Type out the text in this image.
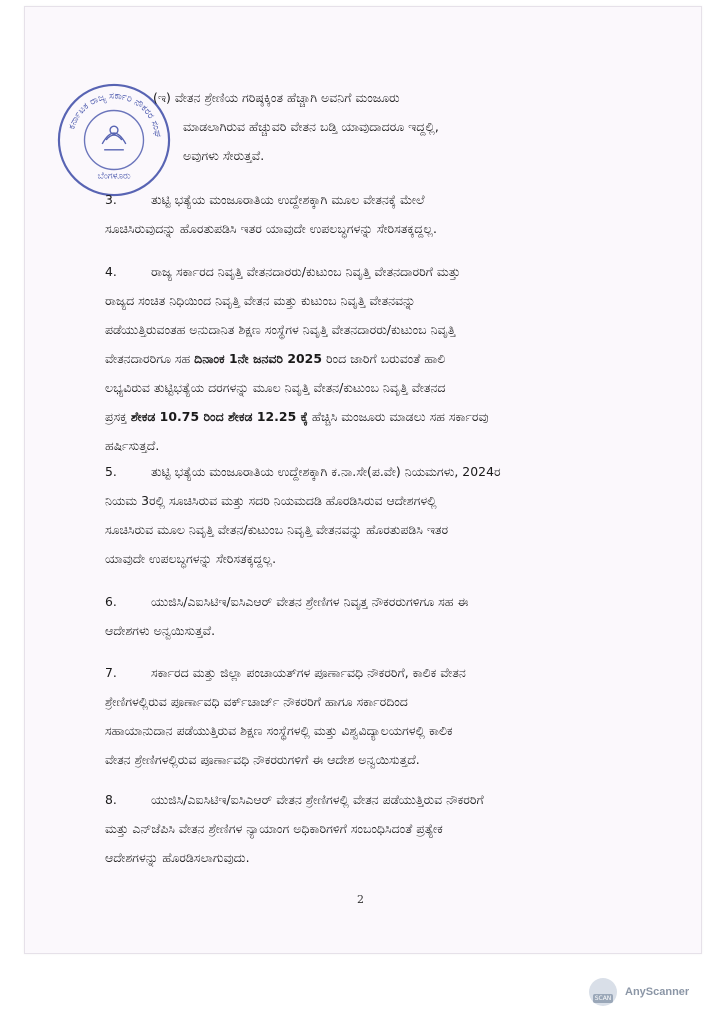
ಕರ್ನಾಟಕ ರಾಜ್ಯ ಸರ್ಕಾರಿ ನೌಕರರ ಸಂಘ
ಬೆಂಗಳೂರು
(ಇ) ವೇತನ ಶ್ರೇಣಿಯ ಗರಿಷ್ಠಕ್ಕಿಂತ ಹೆಚ್ಚಾಗಿ ಅವನಿಗೆ ಮಂಜೂರು
ಮಾಡಲಾಗಿರುವ ಹೆಚ್ಚುವರಿ ವೇತನ ಬಡ್ತಿ ಯಾವುದಾದರೂ ಇದ್ದಲ್ಲಿ,
ಅವುಗಳು ಸೇರುತ್ತವೆ.
3.	ತುಟ್ಟಿ ಭತ್ಯೆಯ ಮಂಜೂರಾತಿಯ ಉದ್ದೇಶಕ್ಕಾಗಿ ಮೂಲ ವೇತನಕ್ಕೆ ಮೇಲೆ
ಸೂಚಿಸಿರುವುದನ್ನು ಹೊರತುಪಡಿಸಿ ಇತರ ಯಾವುದೇ ಉಪಲಬ್ಧಗಳನ್ನು ಸೇರಿಸತಕ್ಕದ್ದಲ್ಲ.
4.	ರಾಜ್ಯ ಸರ್ಕಾರದ ನಿವೃತ್ತಿ ವೇತನದಾರರು/ಕುಟುಂಬ ನಿವೃತ್ತಿ ವೇತನದಾರರಿಗೆ ಮತ್ತು
ರಾಜ್ಯದ ಸಂಚಿತ ನಿಧಿಯಿಂದ ನಿವೃತ್ತಿ ವೇತನ ಮತ್ತು ಕುಟುಂಬ ನಿವೃತ್ತಿ ವೇತನವನ್ನು
ಪಡೆಯುತ್ತಿರುವಂತಹ ಅನುದಾನಿತ ಶಿಕ್ಷಣ ಸಂಸ್ಥೆಗಳ ನಿವೃತ್ತಿ ವೇತನದಾರರು/ಕುಟುಂಬ ನಿವೃತ್ತಿ
ವೇತನದಾರರಿಗೂ ಸಹ ದಿನಾಂಕ 1ನೇ ಜನವರಿ 2025 ರಿಂದ ಜಾರಿಗೆ ಬರುವಂತೆ ಹಾಲಿ
ಲಭ್ಯವಿರುವ ತುಟ್ಟಿಭತ್ಯೆಯ ದರಗಳನ್ನು ಮೂಲ ನಿವೃತ್ತಿ ವೇತನ/ಕುಟುಂಬ ನಿವೃತ್ತಿ ವೇತನದ
ಪ್ರಸಕ್ತ ಶೇಕಡ 10.75 ರಿಂದ ಶೇಕಡ 12.25 ಕ್ಕೆ ಹೆಚ್ಚಿಸಿ ಮಂಜೂರು ಮಾಡಲು ಸಹ ಸರ್ಕಾರವು
ಹರ್ಷಿಸುತ್ತದೆ.
5.	ತುಟ್ಟಿ ಭತ್ಯೆಯ ಮಂಜೂರಾತಿಯ ಉದ್ದೇಶಕ್ಕಾಗಿ ಕ.ನಾ.ಸೇ(ಪ.ವೇ) ನಿಯಮಗಳು, 2024ರ
ನಿಯಮ 3ರಲ್ಲಿ ಸೂಚಿಸಿರುವ ಮತ್ತು ಸದರಿ ನಿಯಮದಡಿ ಹೊರಡಿಸಿರುವ ಆದೇಶಗಳಲ್ಲಿ
ಸೂಚಿಸಿರುವ ಮೂಲ ನಿವೃತ್ತಿ ವೇತನ/ಕುಟುಂಬ ನಿವೃತ್ತಿ ವೇತನವನ್ನು ಹೊರತುಪಡಿಸಿ ಇತರ
ಯಾವುದೇ ಉಪಲಬ್ಧಗಳನ್ನು ಸೇರಿಸತಕ್ಕದ್ದಲ್ಲ.
6.	ಯುಜಿಸಿ/ಎಐಸಿಟಿಇ/ಐಸಿಎಆರ್ ವೇತನ ಶ್ರೇಣಿಗಳ ನಿವೃತ್ತ ನೌಕರರುಗಳಿಗೂ ಸಹ ಈ
ಆದೇಶಗಳು ಅನ್ವಯಿಸುತ್ತವೆ.
7.	ಸರ್ಕಾರದ ಮತ್ತು ಜಿಲ್ಲಾ ಪಂಚಾಯತ್‌ಗಳ ಪೂರ್ಣಾವಧಿ ನೌಕರರಿಗೆ, ಕಾಲಿಕ ವೇತನ
ಶ್ರೇಣಿಗಳಲ್ಲಿರುವ ಪೂರ್ಣಾವಧಿ ವರ್ಕ್‌ಚಾರ್ಜ್ ನೌಕರರಿಗೆ ಹಾಗೂ ಸರ್ಕಾರದಿಂದ
ಸಹಾಯಾನುದಾನ ಪಡೆಯುತ್ತಿರುವ ಶಿಕ್ಷಣ ಸಂಸ್ಥೆಗಳಲ್ಲಿ ಮತ್ತು ವಿಶ್ವವಿದ್ಯಾಲಯಗಳಲ್ಲಿ ಕಾಲಿಕ
ವೇತನ ಶ್ರೇಣಿಗಳಲ್ಲಿರುವ ಪೂರ್ಣಾವಧಿ ನೌಕರರುಗಳಿಗೆ ಈ ಆದೇಶ ಅನ್ವಯಿಸುತ್ತದೆ.
8.	ಯುಜಿಸಿ/ಎಐಸಿಟಿಇ/ಐಸಿಎಆರ್ ವೇತನ ಶ್ರೇಣಿಗಳಲ್ಲಿ ವೇತನ ಪಡೆಯುತ್ತಿರುವ ನೌಕರರಿಗೆ
ಮತ್ತು ಎನ್‌ಜೆಪಿಸಿ ವೇತನ ಶ್ರೇಣಿಗಳ ನ್ಯಾಯಾಂಗ ಅಧಿಕಾರಿಗಳಿಗೆ ಸಂಬಂಧಿಸಿದಂತೆ ಪ್ರತ್ಯೇಕ
ಆದೇಶಗಳನ್ನು ಹೊರಡಿಸಲಾಗುವುದು.
2
SCAN AnyScanner
